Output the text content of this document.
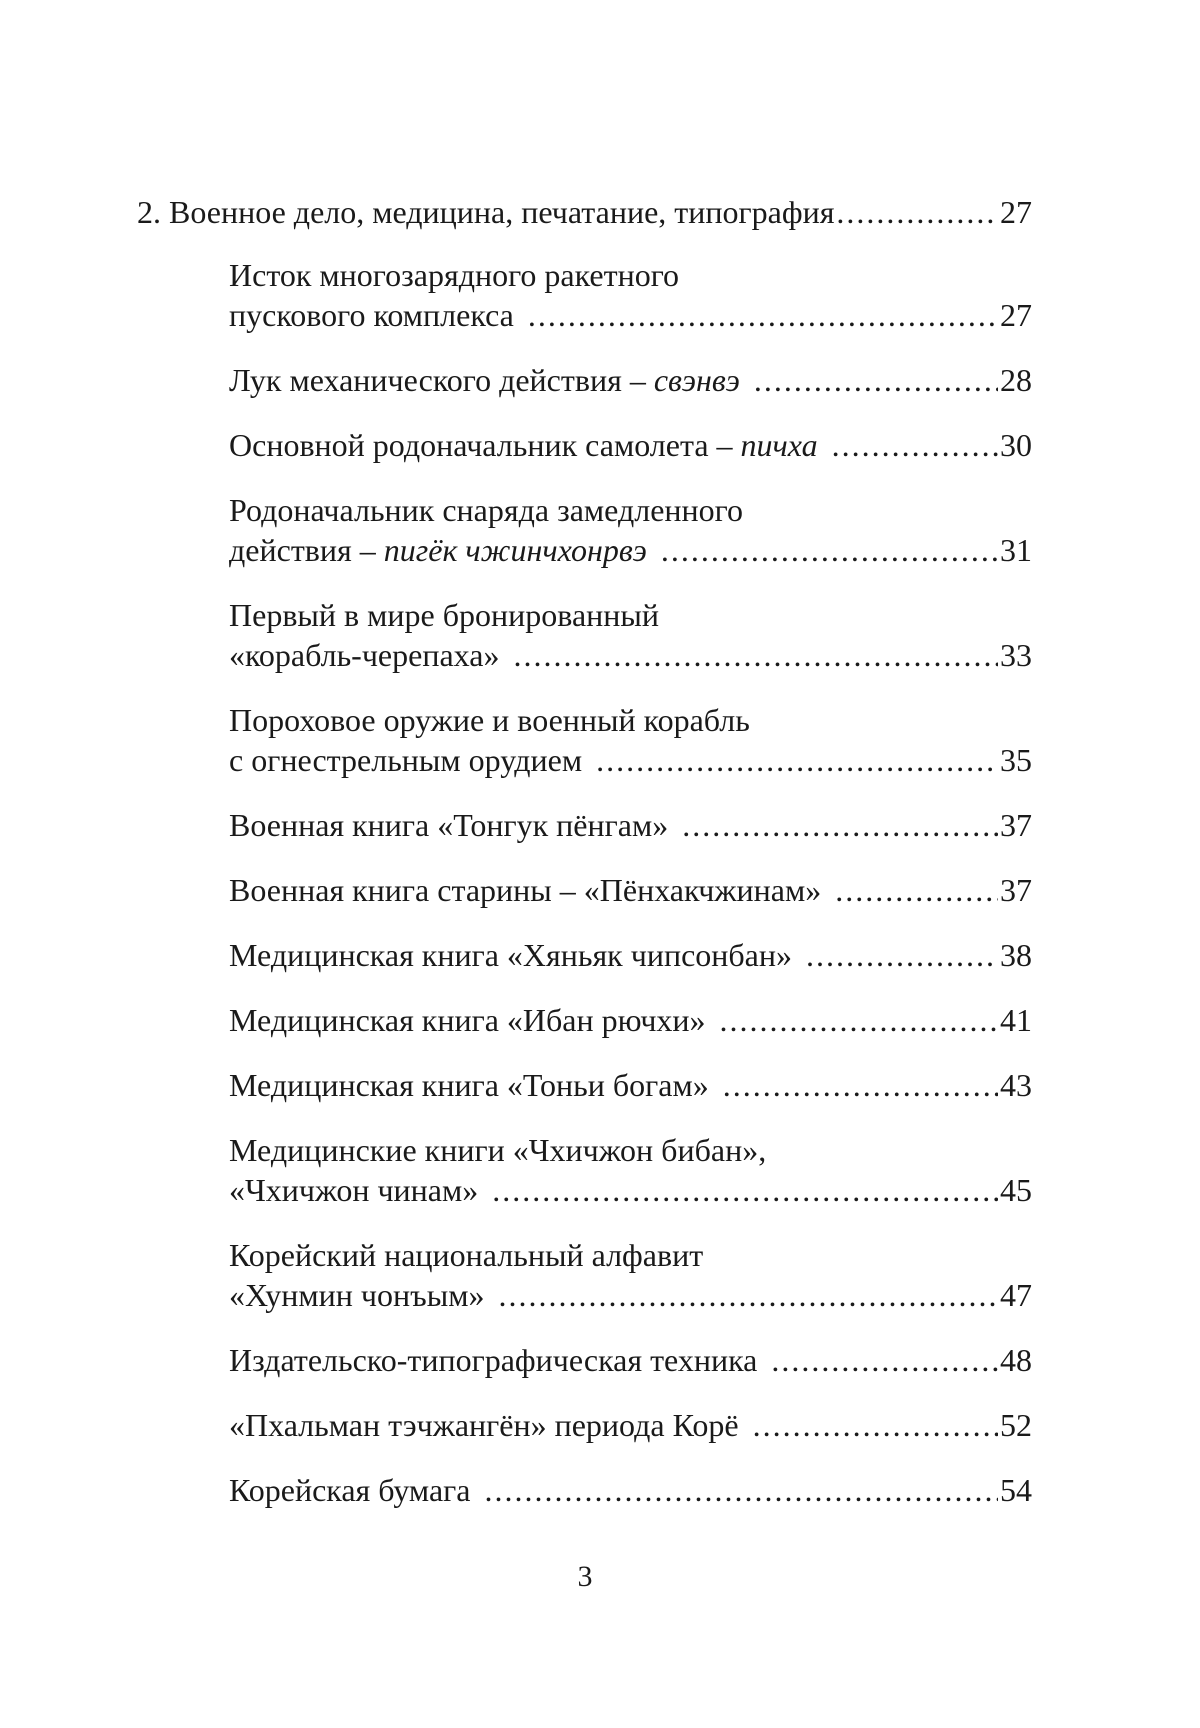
2. Военное дело, медицина, печатание, типография .....	27
Исток многозарядного ракетного
пускового комплекса .....	27
Лук механического действия – свэнвэ .....	28
Основной родоначальник самолета – пичха .....	30
Родоначальник снаряда замедленного
действия – пигёк чжинчхонрвэ .....	31
Первый в мире бронированный
«корабль-черепаха» .....	33
Пороховое оружие и военный корабль
с огнестрельным орудием .....	35
Военная книга «Тонгук пёнгам» .....	37
Военная книга старины – «Пёнхакчжинам» .....	37
Медицинская книга «Хяньяк чипсонбан» .....	38
Медицинская книга «Ибан рючхи» .....	41
Медицинская книга «Тоньи богам» .....	43
Медицинские книги «Чхичжон бибан»,
«Чхичжон чинам» .....	45
Корейский национальный алфавит
«Хунмин чонъым» .....	47
Издательско-типографическая техника .....	48
«Пхальман тэчжангён» периода Корё .....	52
Корейская бумага .....	54
3
